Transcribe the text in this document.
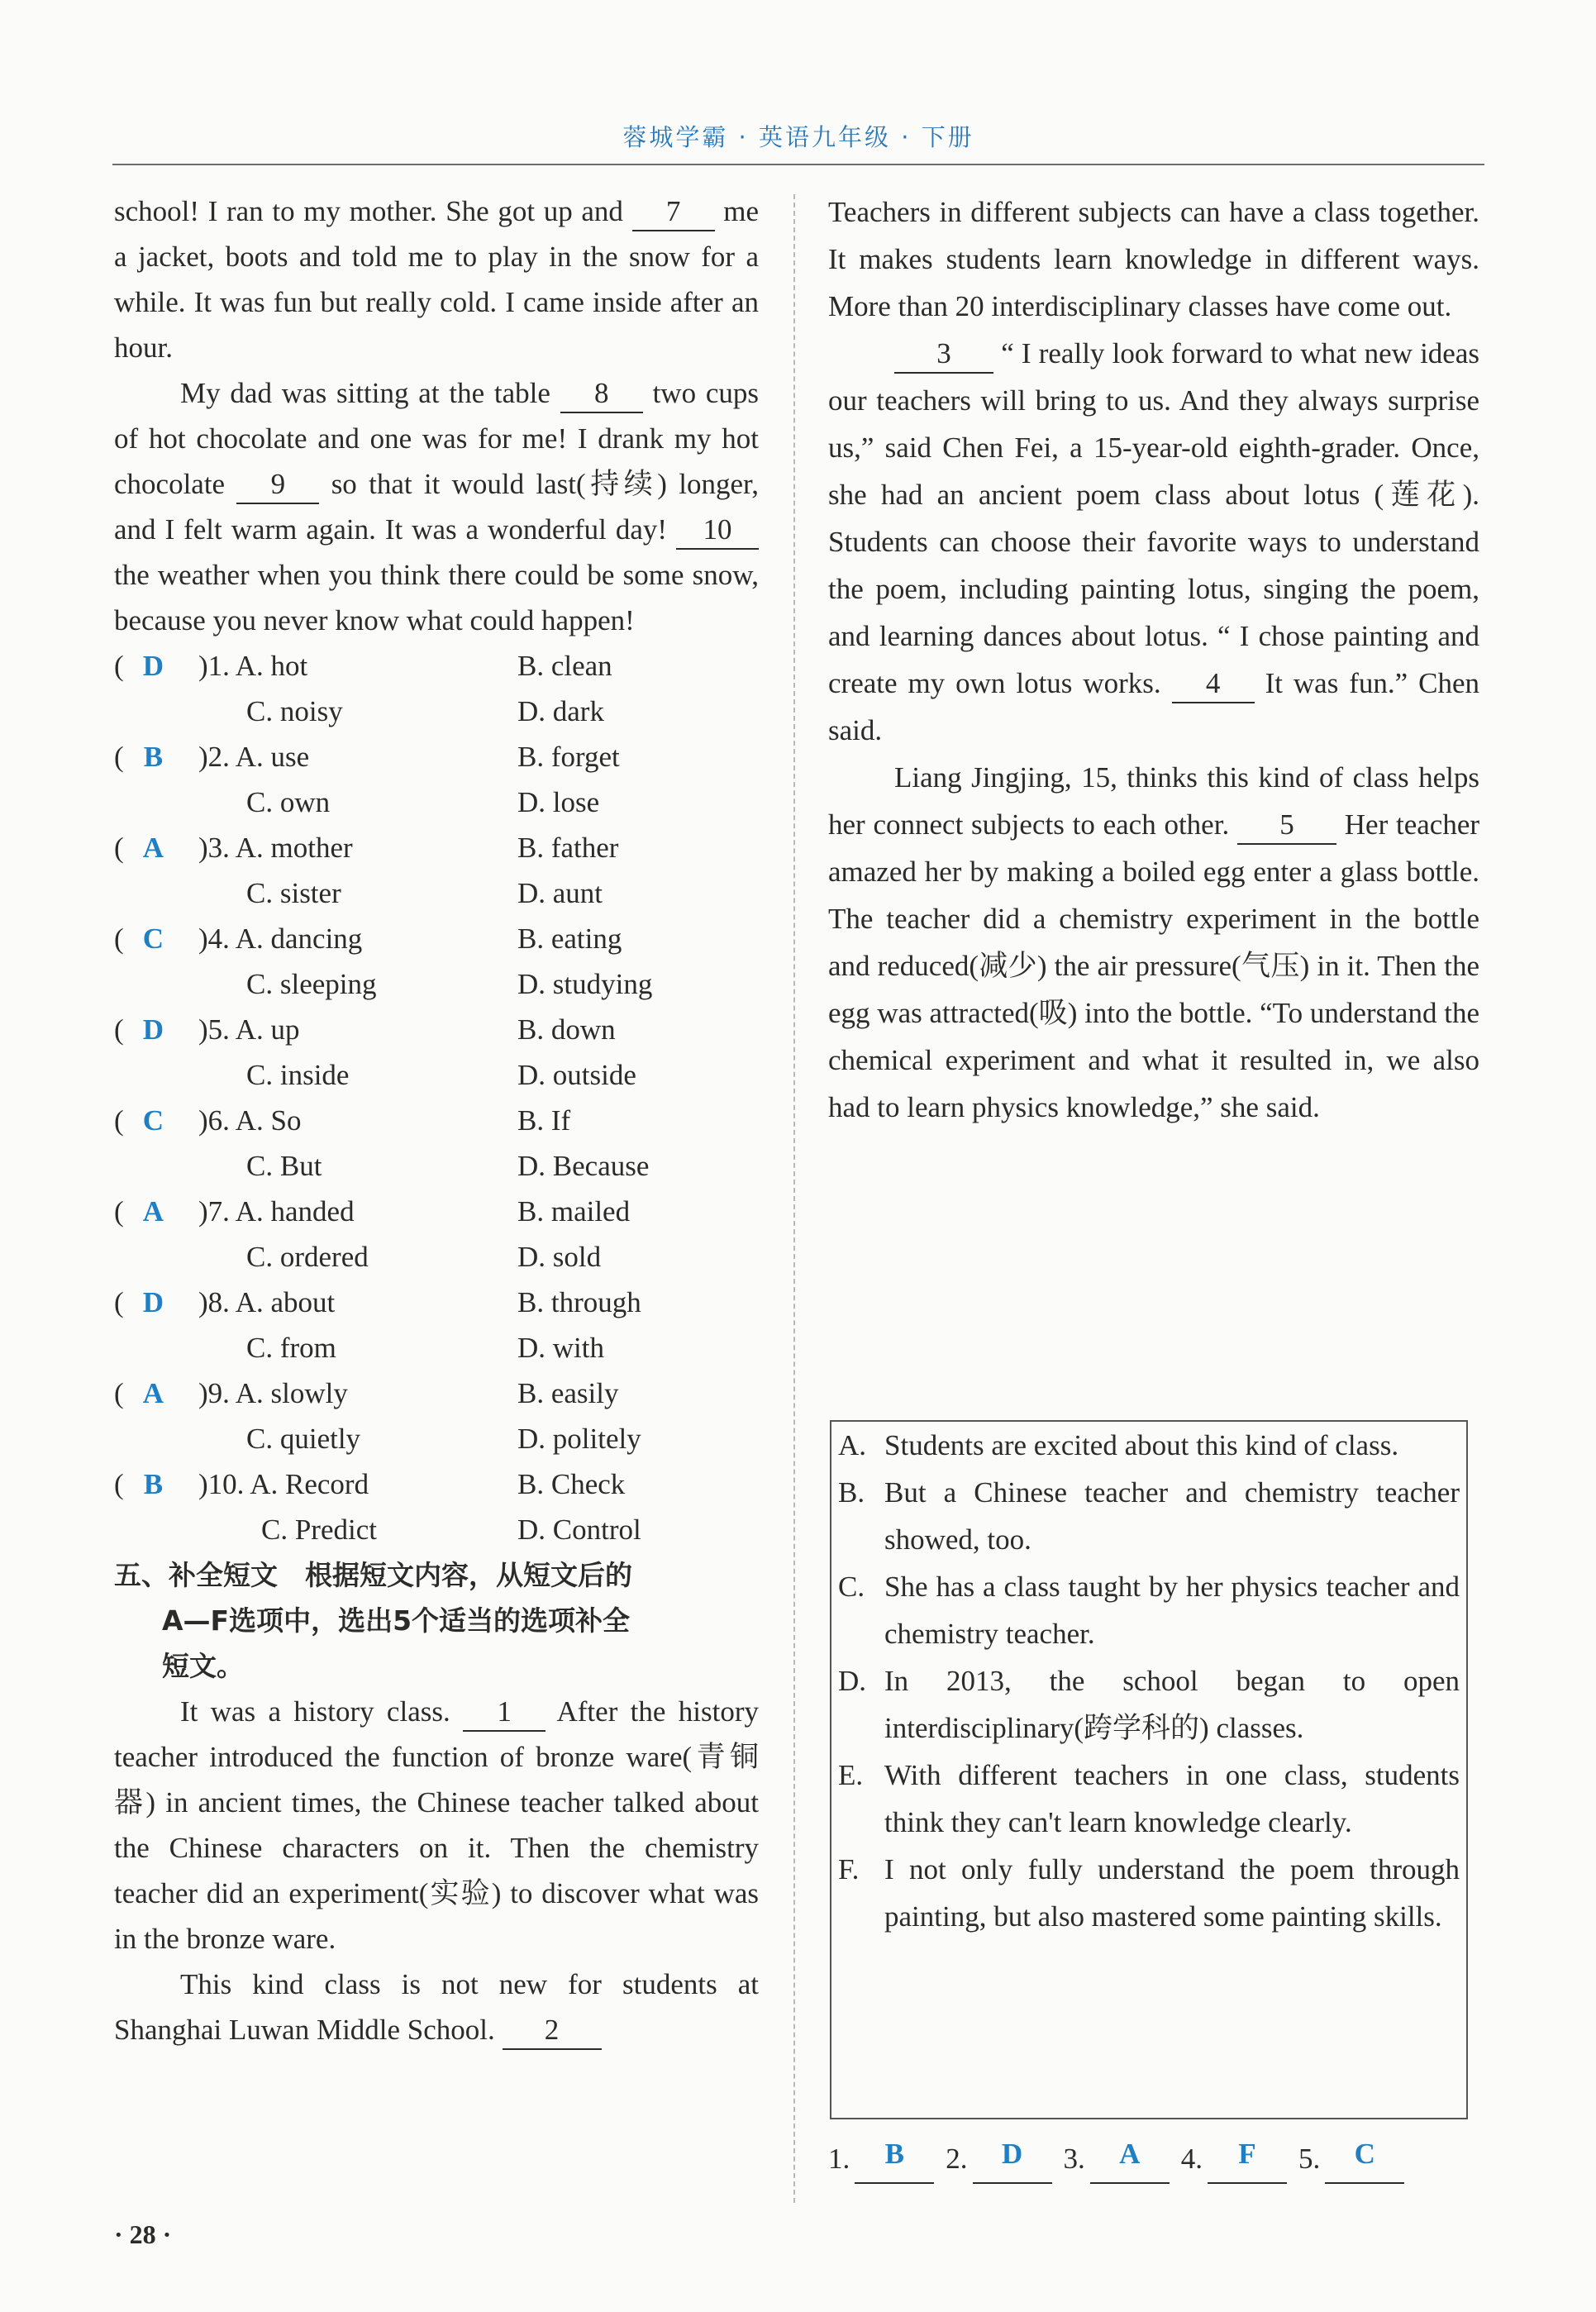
蓉城学霸 · 英语九年级 · 下册

school! I ran to my mother. She got up and 7 me a jacket, boots and told me to play in the snow for a while. It was fun but really cold. I came inside after an hour.

My dad was sitting at the table 8 two cups of hot chocolate and one was for me! I drank my hot chocolate 9 so that it would last(持续) longer, and I felt warm again. It was a wonderful day! 10 the weather when you think there could be some snow, because you never know what could happen!

( D	)1. A. hot	B. clean
C. noisy	D. dark
( B	)2. A. use	B. forget
C. own	D. lose
( A	)3. A. mother	B. father
C. sister	D. aunt
( C	)4. A. dancing	B. eating
C. sleeping	D. studying
( D	)5. A. up	B. down
C. inside	D. outside
( C	)6. A. So	B. If
C. But	D. Because
( A	)7. A. handed	B. mailed
C. ordered	D. sold
( D	)8. A. about	B. through
C. from	D. with
( A	)9. A. slowly	B. easily
C. quietly	D. politely
( B	)10. A. Record	B. Check
C. Predict	D. Control
五、补全短文　根据短文内容，从短文后的
A—F选项中，选出5个适当的选项补全
短文。

It was a history class. 1 After the history teacher introduced the function of bronze ware(青铜器) in ancient times, the Chinese teacher talked about the Chinese characters on it. Then the chemistry teacher did an experiment(实验) to discover what was in the bronze ware.

This kind class is not new for students at Shanghai Luwan Middle School. 2

Teachers in different subjects can have a class together. It makes students learn knowledge in different ways. More than 20 interdisciplinary classes have come out.

3 “ I really look forward to what new ideas our teachers will bring to us. And they always surprise us,” said Chen Fei, a 15-year-old eighth-grader. Once, she had an ancient poem class about lotus (莲花). Students can choose their favorite ways to understand the poem, including painting lotus, singing the poem, and learning dances about lotus. “ I chose painting and create my own lotus works. 4 It was fun.” Chen said.

Liang Jingjing, 15, thinks this kind of class helps her connect subjects to each other. 5 Her teacher amazed her by making a boiled egg enter a glass bottle. The teacher did a chemistry experiment in the bottle and reduced(减少) the air pressure(气压) in it. Then the egg was attracted(吸) into the bottle. “To understand the chemical experiment and what it resulted in, we also had to learn physics knowledge,” she said.

A. Students are excited about this kind of class.
B. But a Chinese teacher and chemistry teacher showed, too.
C. She has a class taught by her physics teacher and chemistry teacher.
D. In 2013, the school began to open interdisciplinary(跨学科的) classes.
E. With different teachers in one class, students think they can't learn knowledge clearly.
F. I not only fully understand the poem through painting, but also mastered some painting skills.
1.	B	2.	D	3.	A	4.	F	5.	C
· 28 ·
